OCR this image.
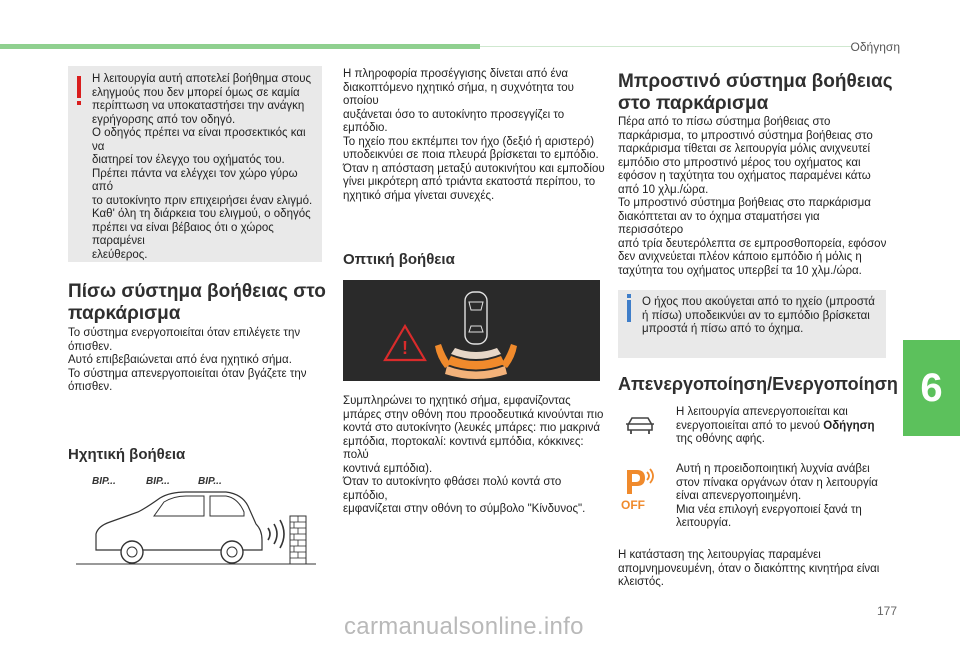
Οδήγηση
6

Η λειτουργία αυτή αποτελεί βοήθημα στους
εληγμούς που δεν μπορεί όμως σε καμία
περίπτωση να υποκαταστήσει την ανάγκη
εγρήγορσης από τον οδηγό.
Ο οδηγός πρέπει να είναι προσεκτικός και να
διατηρεί τον έλεγχο του οχήματός του.
Πρέπει πάντα να ελέγχει τον χώρο γύρω από
το αυτοκίνητο πριν επιχειρήσει έναν ελιγμό.
Καθ' όλη τη διάρκεια του ελιγμού, ο οδηγός
πρέπει να είναι βέβαιος ότι ο χώρος παραμένει
ελεύθερος.

Πίσω σύστημα βοήθειας στο
παρκάρισμα

Το σύστημα ενεργοποιείται όταν επιλέγετε την
όπισθεν.
Αυτό επιβεβαιώνεται από ένα ηχητικό σήμα.
Το σύστημα απενεργοποιείται όταν βγάζετε την
όπισθεν.

Ηχητική βοήθεια
BIP...	BIP...	BIP...

Η πληροφορία προσέγγισης δίνεται από ένα
διακοπτόμενο ηχητικό σήμα, η συχνότητα του οποίου
αυξάνεται όσο το αυτοκίνητο προσεγγίζει το εμπόδιο.
Το ηχείο που εκπέμπει τον ήχο (δεξιό ή αριστερό)
υποδεικνύει σε ποια πλευρά βρίσκεται το εμπόδιο.
Όταν η απόσταση μεταξύ αυτοκινήτου και εμποδίου
γίνει μικρότερη από τριάντα εκατοστά περίπου, το
ηχητικό σήμα γίνεται συνεχές.

Οπτική βοήθεια
!

Συμπληρώνει το ηχητικό σήμα, εμφανίζοντας
μπάρες στην οθόνη που προοδευτικά κινούνται πιο
κοντά στο αυτοκίνητο (λευκές μπάρες: πιο μακρινά
εμπόδια, πορτοκαλί: κοντινά εμπόδια, κόκκινες: πολύ
κοντινά εμπόδια).
Όταν το αυτοκίνητο φθάσει πολύ κοντά στο εμπόδιο,
εμφανίζεται στην οθόνη το σύμβολο "Κίνδυνος".

Μπροστινό σύστημα βοήθειας
στο παρκάρισμα

Πέρα από το πίσω σύστημα βοήθειας στο
παρκάρισμα, το μπροστινό σύστημα βοήθειας στο
παρκάρισμα τίθεται σε λειτουργία μόλις ανιχνευτεί
εμπόδιο στο μπροστινό μέρος του οχήματος και
εφόσον η ταχύτητα του οχήματος παραμένει κάτω
από 10 χλμ./ώρα.
Το μπροστινό σύστημα βοήθειας στο παρκάρισμα
διακόπτεται αν το όχημα σταματήσει για περισσότερο
από τρία δευτερόλεπτα σε εμπροσθοπορεία, εφόσον
δεν ανιχνεύεται πλέον κάποιο εμπόδιο ή μόλις η
ταχύτητα του οχήματος υπερβεί τα 10 χλμ./ώρα.

Ο ήχος που ακούγεται από το ηχείο (μπροστά
ή πίσω) υποδεικνύει αν το εμπόδιο βρίσκεται
μπροστά ή πίσω από το όχημα.

Απενεργοποίηση/Ενεργοποίηση

Η λειτουργία απενεργοποιείται και
ενεργοποιείται από το μενού Οδήγηση
της οθόνης αφής.

OFF

Αυτή η προειδοποιητική λυχνία ανάβει
στον πίνακα οργάνων όταν η λειτουργία
είναι απενεργοποιημένη.
Μια νέα επιλογή ενεργοποιεί ξανά τη
λειτουργία.

Η κατάσταση της λειτουργίας παραμένει
απομνημονευμένη, όταν ο διακόπτης κινητήρα είναι
κλειστός.

177
carmanualsonline.info
